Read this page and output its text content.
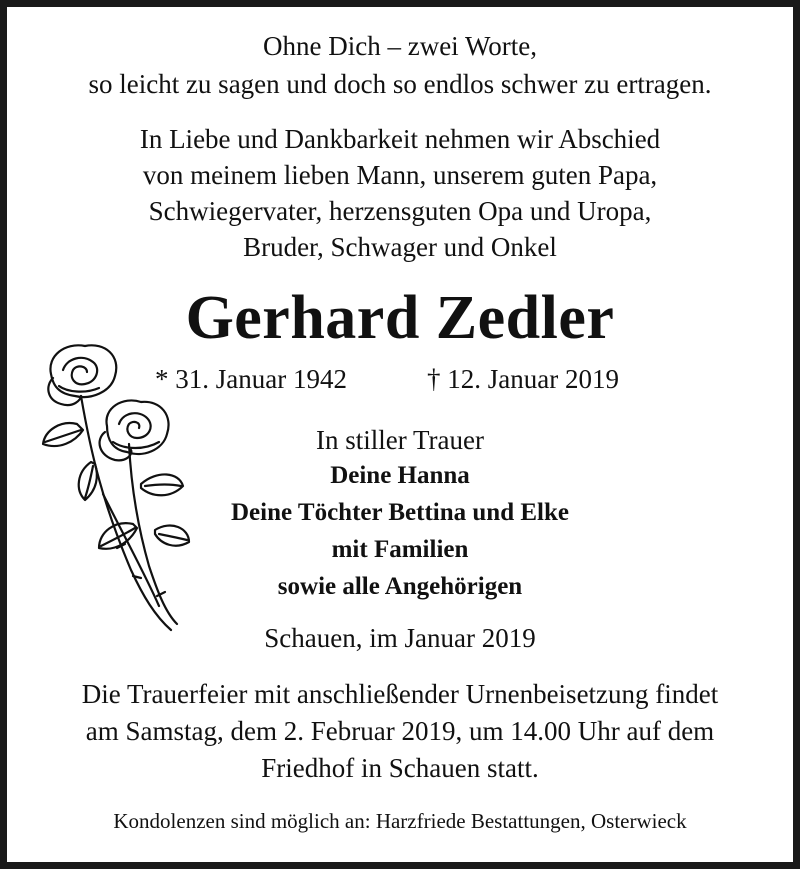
Ohne Dich – zwei Worte,
so leicht zu sagen und doch so endlos schwer zu ertragen.
In Liebe und Dankbarkeit nehmen wir Abschied
von meinem lieben Mann, unserem guten Papa,
Schwiegervater, herzensguten Opa und Uropa,
Bruder, Schwager und Onkel
Gerhard Zedler
* 31. Januar 1942	† 12. Januar 2019
In stiller Trauer
Deine Hanna
Deine Töchter Bettina und Elke
mit Familien
sowie alle Angehörigen
Schauen, im Januar 2019
Die Trauerfeier mit anschließender Urnenbeisetzung findet
am Samstag, dem 2. Februar 2019, um 14.00 Uhr auf dem
Friedhof in Schauen statt.
Kondolenzen sind möglich an: Harzfriede Bestattungen, Osterwieck
